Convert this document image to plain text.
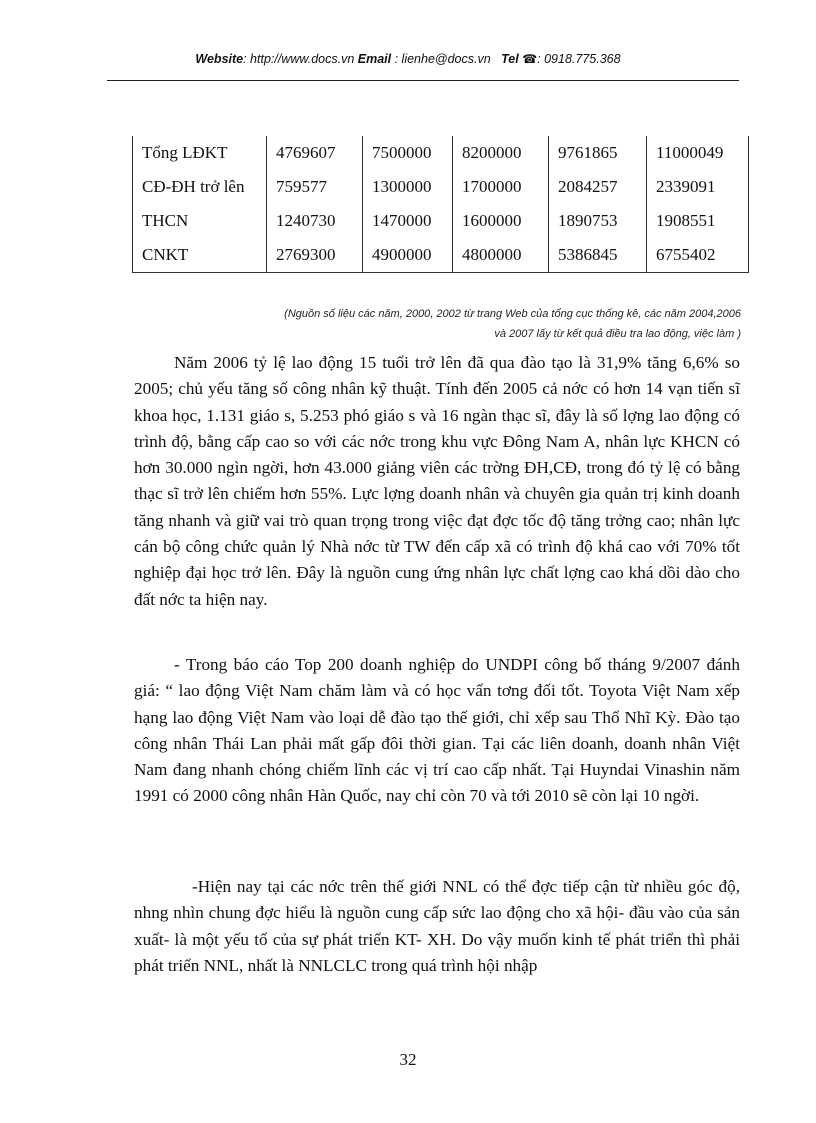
Website: http://www.docs.vn Email : lienhe@docs.vn Tel ☎: 0918.775.368
Tổng LĐKT	4769607	7500000	8200000	9761865	11000049
CĐ-ĐH trở lên	759577	1300000	1700000	2084257	2339091
THCN	1240730	1470000	1600000	1890753	1908551
CNKT	2769300	4900000	4800000	5386845	6755402
(Nguồn số liệu các năm, 2000, 2002 từ trang Web của tổng cục thống kê, các năm 2004,2006
và 2007 lấy từ kết quả điều tra lao động, việc làm )

Năm 2006 tỷ lệ lao động 15 tuổi trở lên đã qua đào tạo là 31,9% tăng 6,6% so 2005; chủ yếu tăng số công nhân kỹ thuật. Tính đến 2005 cả nớc có hơn 14 vạn tiến sĩ khoa học, 1.131 giáo s, 5.253 phó giáo s và 16 ngàn thạc sĩ, đây là số lợng lao động có trình độ, bằng cấp cao so với các nớc trong khu vực Đông Nam A, nhân lực KHCN có hơn 30.000 ngìn ngời, hơn 43.000 giảng viên các trờng ĐH,CĐ, trong đó tỷ lệ có bằng thạc sĩ trở lên chiếm hơn 55%. Lực lợng doanh nhân và chuyên gia quản trị kinh doanh tăng nhanh và giữ vai trò quan trọng trong việc đạt đợc tốc độ tăng trởng cao; nhân lực cán bộ công chức quản lý Nhà nớc từ TW đến cấp xã có trình độ khá cao với 70% tốt nghiệp đại học trở lên. Đây là nguồn cung ứng nhân lực chất lợng cao khá dồi dào cho đất nớc ta hiện nay.

- Trong báo cáo Top 200 doanh nghiệp do UNDPI công bố tháng 9/2007 đánh giá: “ lao động Việt Nam chăm làm và có học vấn tơng đối tốt. Toyota Việt Nam xếp hạng lao động Việt Nam vào loại dễ đào tạo thế giới, chỉ xếp sau Thổ Nhĩ Kỳ. Đào tạo công nhân Thái Lan phải mất gấp đôi thời gian. Tại các liên doanh, doanh nhân Việt Nam đang nhanh chóng chiếm lĩnh các vị trí cao cấp nhất. Tại Huyndai Vinashin năm 1991 có 2000 công nhân Hàn Quốc, nay chỉ còn 70 và tới 2010 sẽ còn lại 10 ngời.

-Hiện nay tại các nớc trên thế giới NNL có thể đợc tiếp cận từ nhiều góc độ, nhng nhìn chung đợc hiểu là nguồn cung cấp sức lao động cho xã hội- đầu vào của sản xuất- là một yếu tố của sự phát triển KT- XH. Do vậy muốn kinh tế phát triển thì phải phát triển NNL, nhất là NNLCLC trong quá trình hội nhập

32
